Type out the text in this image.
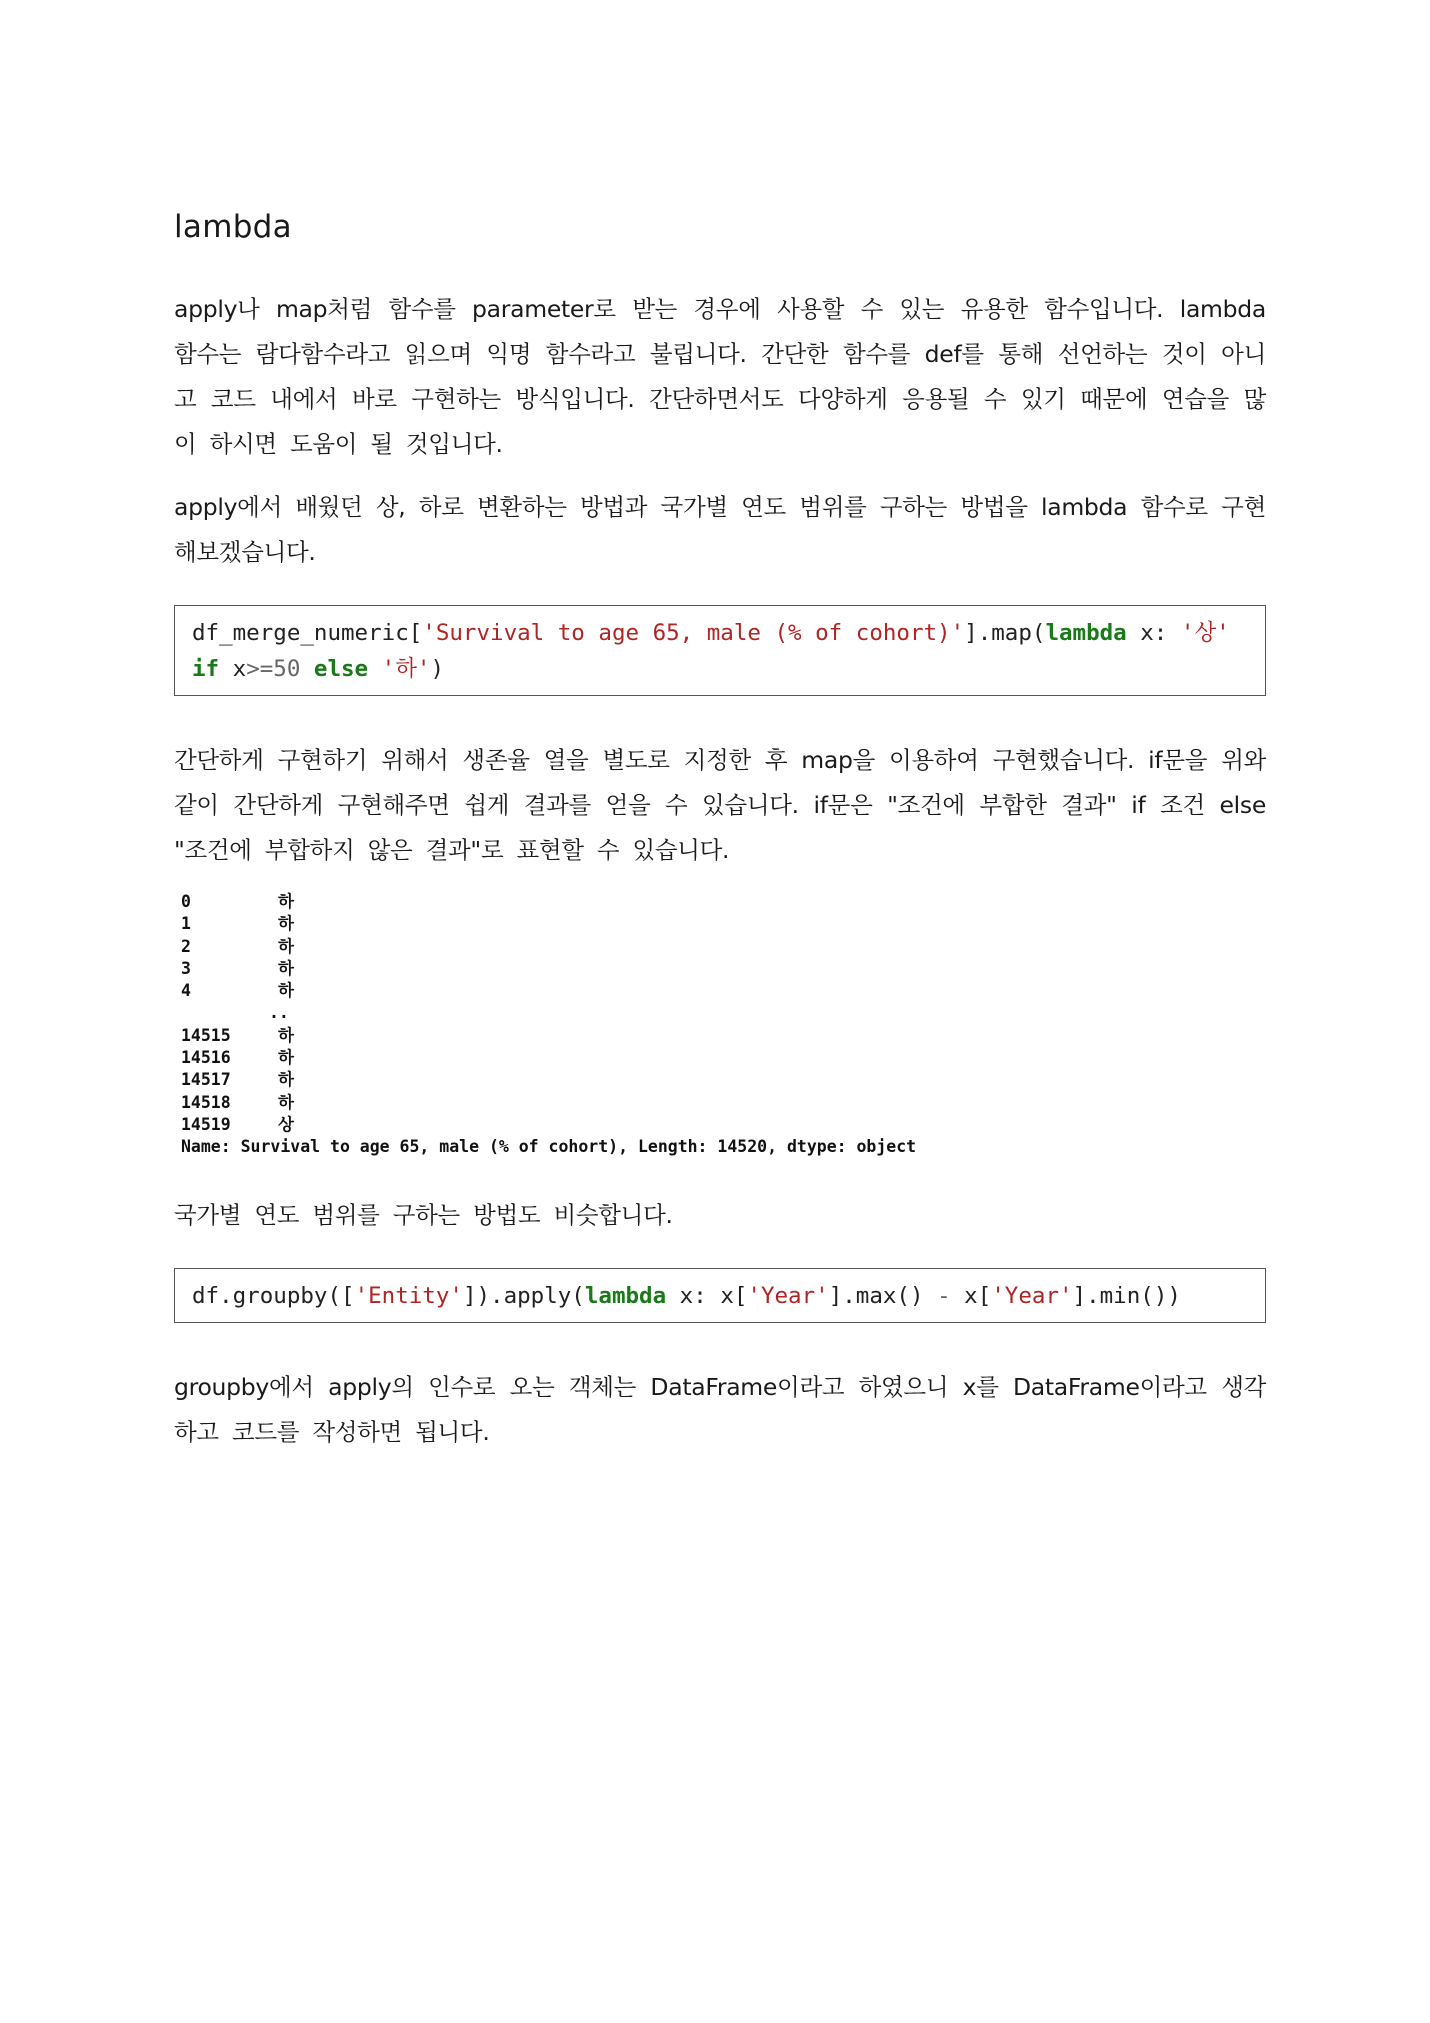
lambda

apply나 map처럼 함수를 parameter로 받는 경우에 사용할 수 있는 유용한 함수입니다. lambda 함수는 람다함수라고 읽으며 익명 함수라고 불립니다. 간단한 함수를 def를 통해 선언하는 것이 아니고 코드 내에서 바로 구현하는 방식입니다. 간단하면서도 다양하게 응용될 수 있기 때문에 연습을 많이 하시면 도움이 될 것입니다.

apply에서 배웠던 상, 하로 변환하는 방법과 국가별 연도 범위를 구하는 방법을 lambda 함수로 구현해보겠습니다.

df_merge_numeric['Survival to age 65, male (% of cohort)'].map(lambda x: '상' if x>=50 else '하')

간단하게 구현하기 위해서 생존율 열을 별도로 지정한 후 map을 이용하여 구현했습니다. if문을 위와 같이 간단하게 구현해주면 쉽게 결과를 얻을 수 있습니다. if문은 "조건에 부합한 결과" if 조건 else "조건에 부합하지 않은 결과"로 표현할 수 있습니다.

0	하
1	하
2	하
3	하
4	하
..
14515	하
14516	하
14517	하
14518	하
14519	상
Name: Survival to age 65, male (% of cohort), Length: 14520, dtype: object

국가별 연도 범위를 구하는 방법도 비슷합니다.

df.groupby(['Entity']).apply(lambda x: x['Year'].max() - x['Year'].min())

groupby에서 apply의 인수로 오는 객체는 DataFrame이라고 하였으니 x를 DataFrame이라고 생각하고 코드를 작성하면 됩니다.
